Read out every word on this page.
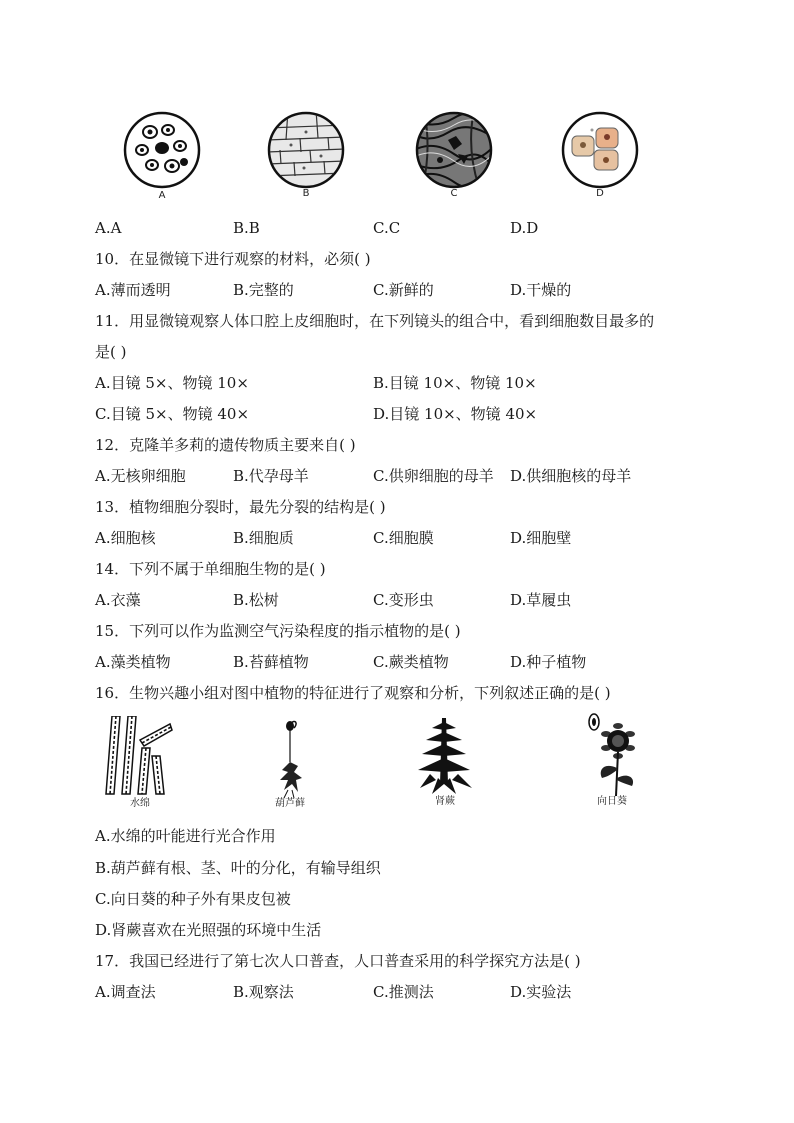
A	B	C	D
A.A	B.B	C.C	D.D
10．在显微镜下进行观察的材料，必须( )
A.薄而透明	B.完整的	C.新鲜的	D.干燥的
11．用显微镜观察人体口腔上皮细胞时，在下列镜头的组合中，看到细胞数目最多的
是( )
A.目镜 5×、物镜 10×	B.目镜 10×、物镜 10×
C.目镜 5×、物镜 40×	D.目镜 10×、物镜 40×
12．克隆羊多莉的遗传物质主要来自( )
A.无核卵细胞	B.代孕母羊	C.供卵细胞的母羊 D.供细胞核的母羊
13．植物细胞分裂时，最先分裂的结构是( )
A.细胞核	B.细胞质	C.细胞膜	D.细胞壁
14．下列不属于单细胞生物的是( )
A.衣藻	B.松树	C.变形虫	D.草履虫
15．下列可以作为监测空气污染程度的指示植物的是( )
A.藻类植物	B.苔藓植物	C.蕨类植物	D.种子植物
16．生物兴趣小组对图中植物的特征进行了观察和分析，下列叙述正确的是( )
水绵	葫芦藓	肾蕨	向日葵
A.水绵的叶能进行光合作用
B.葫芦藓有根、茎、叶的分化，有输导组织
C.向日葵的种子外有果皮包被
D.肾蕨喜欢在光照强的环境中生活
17．我国已经进行了第七次人口普查，人口普查采用的科学探究方法是( )
A.调查法	B.观察法	C.推测法	D.实验法
